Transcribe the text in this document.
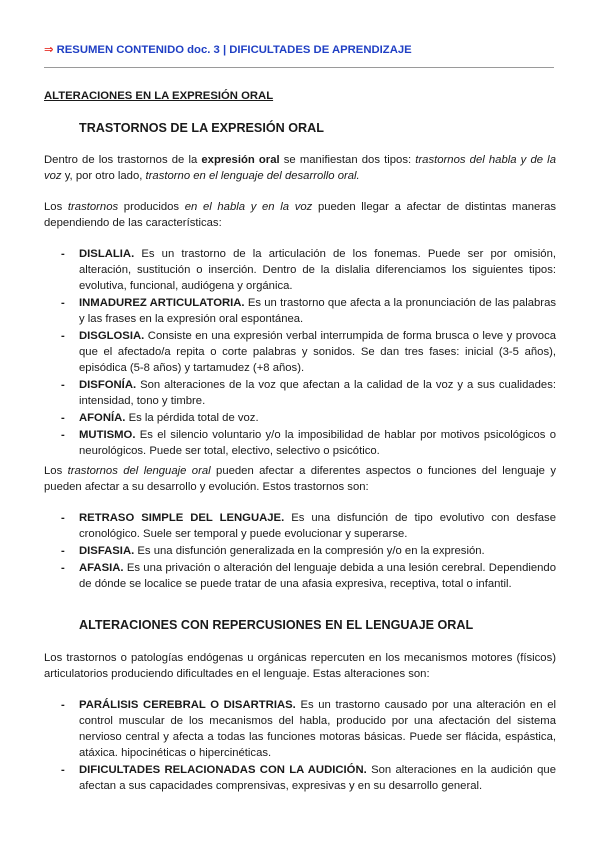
⇒ RESUMEN CONTENIDO doc. 3 | DIFICULTADES DE APRENDIZAJE
ALTERACIONES EN LA EXPRESIÓN ORAL
TRASTORNOS DE LA EXPRESIÓN ORAL
Dentro de los trastornos de la expresión oral se manifiestan dos tipos: trastornos del habla y de la voz y, por otro lado, trastorno en el lenguaje del desarrollo oral.
Los trastornos producidos en el habla y en la voz pueden llegar a afectar de distintas maneras dependiendo de las características:
- DISLALIA. Es un trastorno de la articulación de los fonemas. Puede ser por omisión, alteración, sustitución o inserción. Dentro de la dislalia diferenciamos los siguientes tipos: evolutiva, funcional, audiógena y orgánica.
- INMADUREZ ARTICULATORIA. Es un trastorno que afecta a la pronunciación de las palabras y las frases en la expresión oral espontánea.
- DISGLOSIA. Consiste en una expresión verbal interrumpida de forma brusca o leve y provoca que el afectado/a repita o corte palabras y sonidos. Se dan tres fases: inicial (3-5 años), episódica (5-8 años) y tartamudez (+8 años).
- DISFONÍA. Son alteraciones de la voz que afectan a la calidad de la voz y a sus cualidades: intensidad, tono y timbre.
- AFONÍA. Es la pérdida total de voz.
- MUTISMO. Es el silencio voluntario y/o la imposibilidad de hablar por motivos psicológicos o neurológicos. Puede ser total, electivo, selectivo o psicótico.
Los trastornos del lenguaje oral pueden afectar a diferentes aspectos o funciones del lenguaje y pueden afectar a su desarrollo y evolución. Estos trastornos son:
- RETRASO SIMPLE DEL LENGUAJE. Es una disfunción de tipo evolutivo con desfase cronológico. Suele ser temporal y puede evolucionar y superarse.
- DISFASIA. Es una disfunción generalizada en la compresión y/o en la expresión.
- AFASIA. Es una privación o alteración del lenguaje debida a una lesión cerebral. Dependiendo de dónde se localice se puede tratar de una afasia expresiva, receptiva, total o infantil.
ALTERACIONES CON REPERCUSIONES EN EL LENGUAJE ORAL
Los trastornos o patologías endógenas u orgánicas repercuten en los mecanismos motores (físicos) articulatorios produciendo dificultades en el lenguaje. Estas alteraciones son:
- PARÁLISIS CEREBRAL O DISARTRIAS. Es un trastorno causado por una alteración en el control muscular de los mecanismos del habla, producido por una afectación del sistema nervioso central y afecta a todas las funciones motoras básicas. Puede ser flácida, espástica, atáxica. hipocinéticas o hipercinéticas.
- DIFICULTADES RELACIONADAS CON LA AUDICIÓN. Son alteraciones en la audición que afectan a sus capacidades comprensivas, expresivas y en su desarrollo general.
